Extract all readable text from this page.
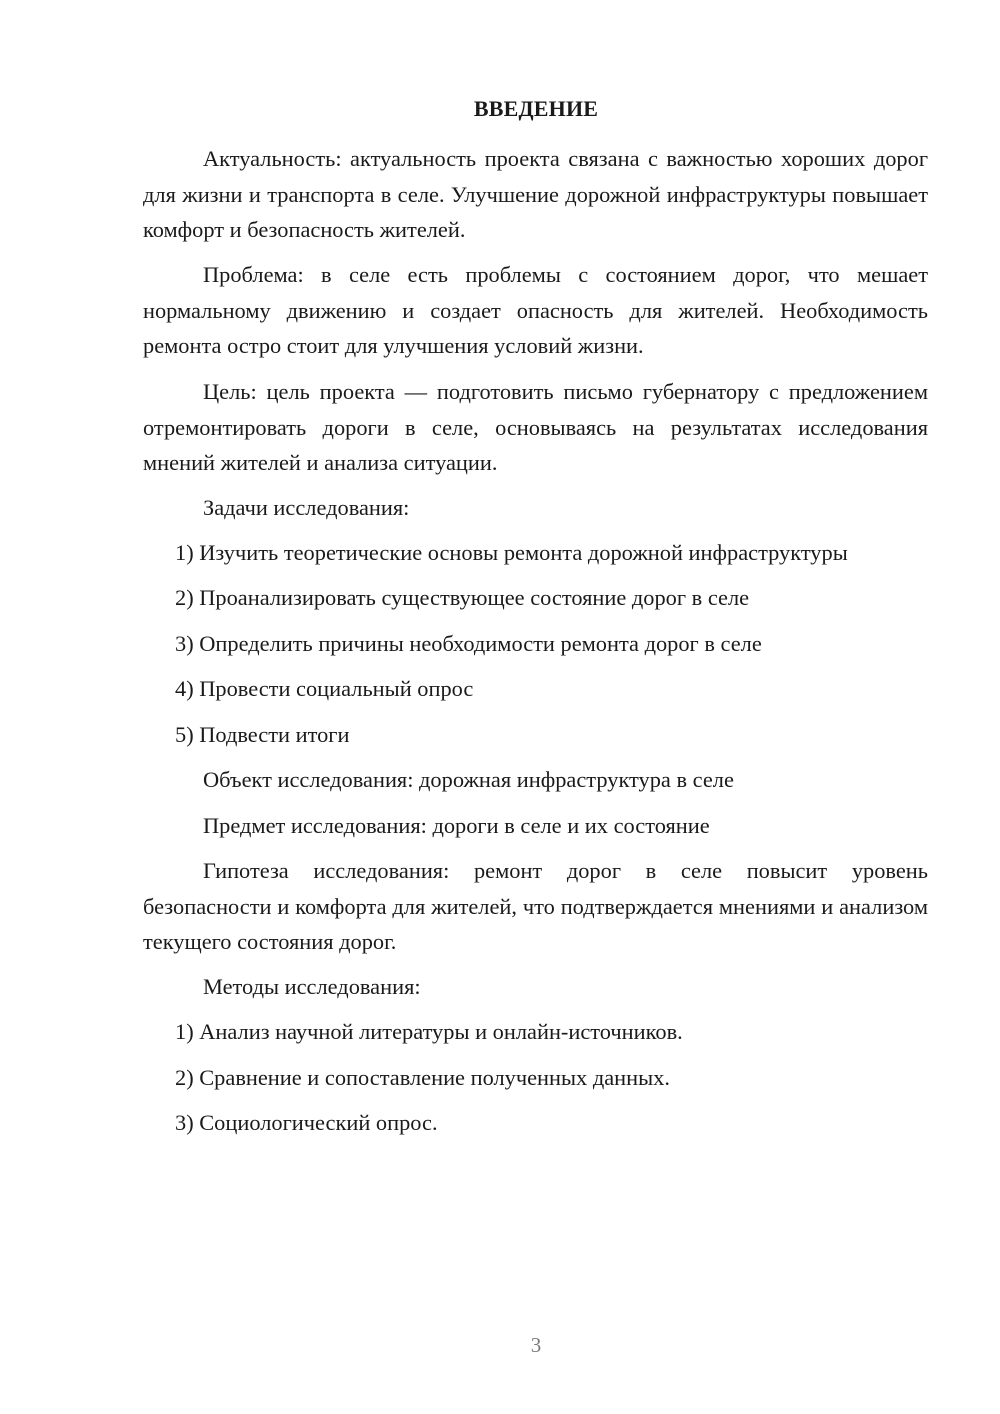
ВВЕДЕНИЕ
Актуальность: актуальность проекта связана с важностью хороших дорог для жизни и транспорта в селе. Улучшение дорожной инфраструктуры повышает комфорт и безопасность жителей.
Проблема: в селе есть проблемы с состоянием дорог, что мешает нормальному движению и создает опасность для жителей. Необходимость ремонта остро стоит для улучшения условий жизни.
Цель: цель проекта — подготовить письмо губернатору с предложением отремонтировать дороги в селе, основываясь на результатах исследования мнений жителей и анализа ситуации.
Задачи исследования:
1) Изучить теоретические основы ремонта дорожной инфраструктуры
2) Проанализировать существующее состояние дорог в селе
3) Определить причины необходимости ремонта дорог в селе
4) Провести социальный опрос
5) Подвести итоги
Объект исследования: дорожная инфраструктура в селе
Предмет исследования: дороги в селе и их состояние
Гипотеза исследования: ремонт дорог в селе повысит уровень безопасности и комфорта для жителей, что подтверждается мнениями и анализом текущего состояния дорог.
Методы исследования:
1) Анализ научной литературы и онлайн-источников.
2) Сравнение и сопоставление полученных данных.
3) Социологический опрос.
3
